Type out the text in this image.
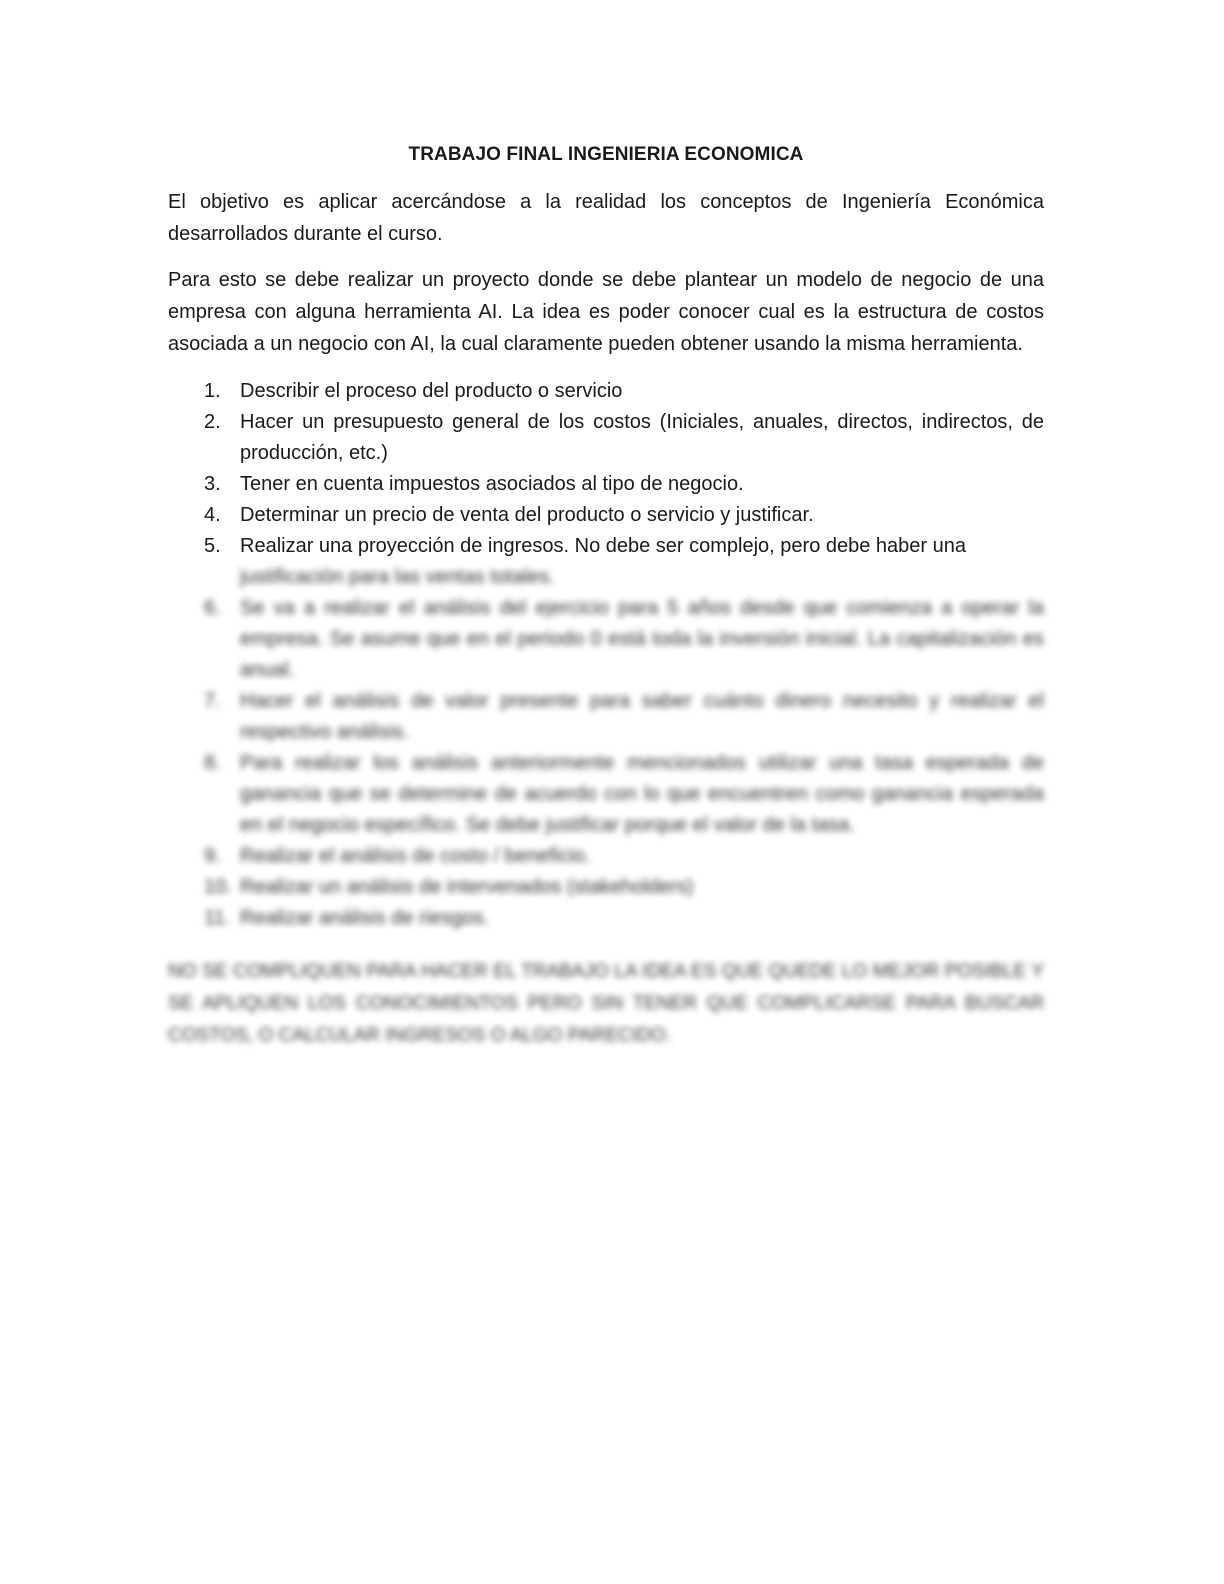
TRABAJO FINAL INGENIERIA ECONOMICA

El objetivo es aplicar acercándose a la realidad los conceptos de Ingeniería Económica desarrollados durante el curso.

Para esto se debe realizar un proyecto donde se debe plantear un modelo de negocio de una empresa con alguna herramienta AI. La idea es poder conocer cual es la estructura de costos asociada a un negocio con AI, la cual claramente pueden obtener usando la misma herramienta.

1. Describir el proceso del producto o servicio
2. Hacer un presupuesto general de los costos (Iniciales, anuales, directos, indirectos, de producción, etc.)
3. Tener en cuenta impuestos asociados al tipo de negocio.
4. Determinar un precio de venta del producto o servicio y justificar.
5. Realizar una proyección de ingresos. No debe ser complejo, pero debe haber una
justificación para las ventas totales.
6. Se va a realizar el análisis del ejercicio para 5 años desde que comienza a operar la empresa. Se asume que en el periodo 0 está toda la inversión inicial. La capitalización es anual.
7. Hacer el análisis de valor presente para saber cuánto dinero necesito y realizar el respectivo análisis.
8. Para realizar los análisis anteriormente mencionados utilizar una tasa esperada de ganancia que se determine de acuerdo con lo que encuentren como ganancia esperada en el negocio específico. Se debe justificar porque el valor de la tasa.
9. Realizar el análisis de costo / beneficio.
10. Realizar un análisis de intervenados (stakeholders)
11. Realizar análisis de riesgos.
NO SE COMPLIQUEN PARA HACER EL TRABAJO LA IDEA ES QUE QUEDE LO MEJOR POSIBLE Y SE APLIQUEN LOS CONOCIMIENTOS PERO SIN TENER QUE COMPLICARSE PARA BUSCAR COSTOS, O CALCULAR INGRESOS O ALGO PARECIDO.
